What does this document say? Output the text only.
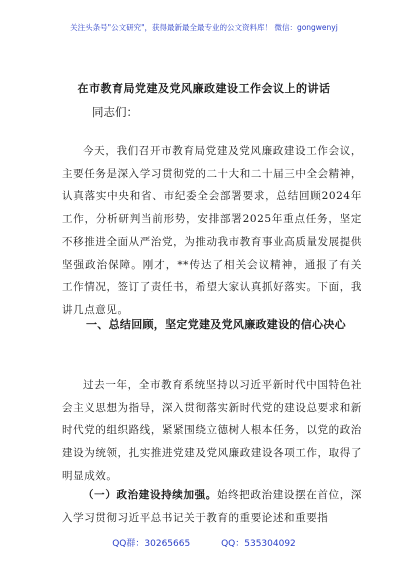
关注头条号"公文研究"，获得最新最全最专业的公文资料库！ 微信：gongwenyj
在市教育局党建及党风廉政建设工作会议上的讲话
同志们：

今天，我们召开市教育局党建及党风廉政建设工作会议，主要任务是深入学习贯彻党的二十大和二十届三中全会精神，认真落实中央和省、市纪委全会部署要求，总结回顾2024年工作，分析研判当前形势，安排部署2025年重点任务，坚定不移推进全面从严治党，为推动我市教育事业高质量发展提供坚强政治保障。刚才，**传达了相关会议精神，通报了有关工作情况，签订了责任书，希望大家认真抓好落实。下面，我讲几点意见。

一、总结回顾，坚定党建及党风廉政建设的信心决心

过去一年，全市教育系统坚持以习近平新时代中国特色社会主义思想为指导，深入贯彻落实新时代党的建设总要求和新时代党的组织路线，紧紧围绕立德树人根本任务，以党的政治建设为统领，扎实推进党建及党风廉政建设各项工作，取得了明显成效。

（一）政治建设持续加强。始终把政治建设摆在首位，深入学习贯彻习近平总书记关于教育的重要论述和重要指

QQ群：30265665	QQ：535304092
